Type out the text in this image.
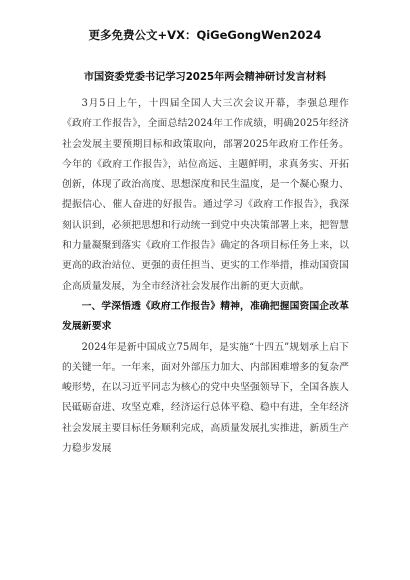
更多免费公文+VX：QiGeGongWen2024
市国资委党委书记学习2025年两会精神研讨发言材料

3月5日上午，十四届全国人大三次会议开幕，李强总理作《政府工作报告》，全面总结2024年工作成绩，明确2025年经济社会发展主要预期目标和政策取向，部署2025年政府工作任务。今年的《政府工作报告》，站位高远、主题鲜明，求真务实、开拓创新，体现了政治高度、思想深度和民生温度，是一个凝心聚力、提振信心、催人奋进的好报告。通过学习《政府工作报告》，我深刻认识到，必须把思想和行动统一到党中央决策部署上来，把智慧和力量凝聚到落实《政府工作报告》确定的各项目标任务上来，以更高的政治站位、更强的责任担当、更实的工作举措，推动国资国企高质量发展，为全市经济社会发展作出新的更大贡献。

一、学深悟透《政府工作报告》精神，准确把握国资国企改革发展新要求

2024年是新中国成立75周年，是实施“十四五”规划承上启下的关键一年。一年来，面对外部压力加大、内部困难增多的复杂严峻形势，在以习近平同志为核心的党中央坚强领导下，全国各族人民砥砺奋进、攻坚克难，经济运行总体平稳、稳中有进，全年经济社会发展主要目标任务顺利完成，高质量发展扎实推进，新质生产力稳步发展
